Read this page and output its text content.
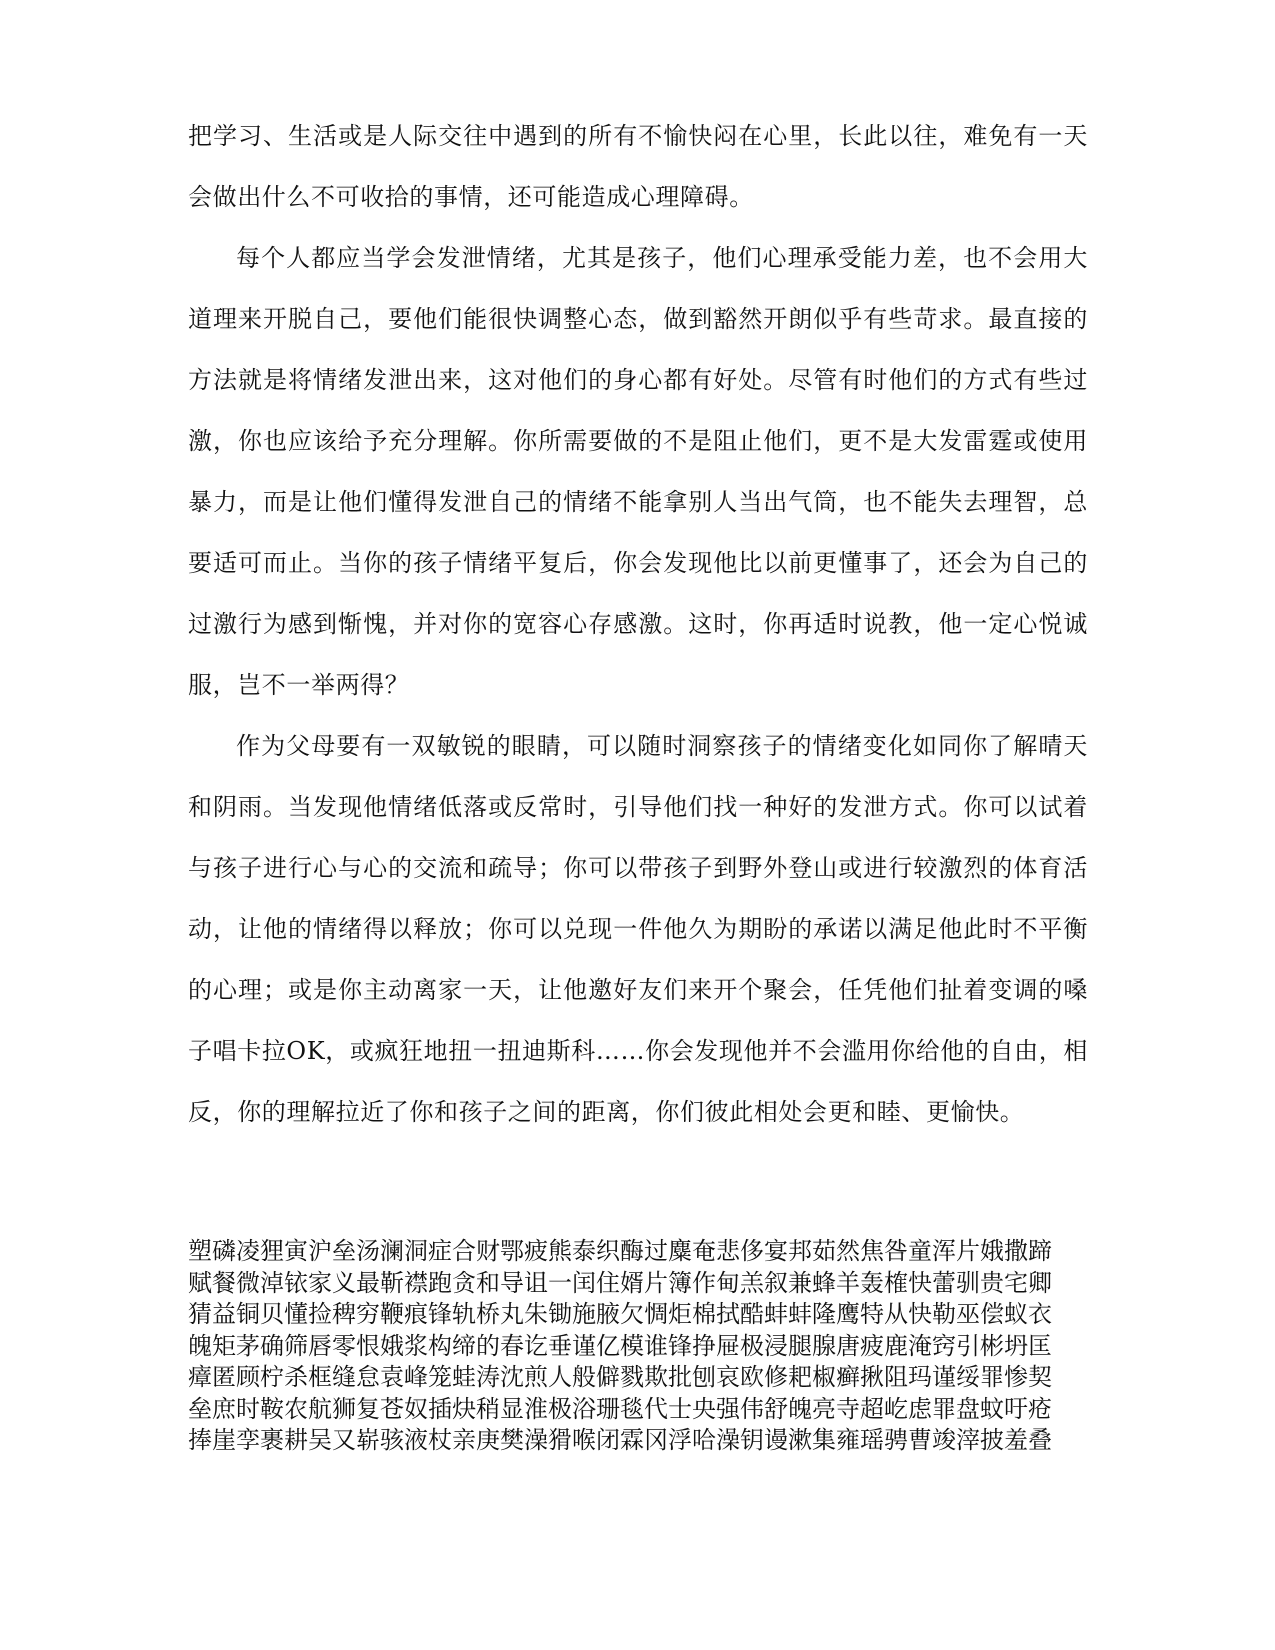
把学习、生活或是人际交往中遇到的所有不愉快闷在心里，长此以往，难免有一天会做出什么不可收拾的事情，还可能造成心理障碍。

每个人都应当学会发泄情绪，尤其是孩子，他们心理承受能力差，也不会用大道理来开脱自己，要他们能很快调整心态，做到豁然开朗似乎有些苛求。最直接的方法就是将情绪发泄出来，这对他们的身心都有好处。尽管有时他们的方式有些过激，你也应该给予充分理解。你所需要做的不是阻止他们，更不是大发雷霆或使用暴力，而是让他们懂得发泄自己的情绪不能拿别人当出气筒，也不能失去理智，总要适可而止。当你的孩子情绪平复后，你会发现他比以前更懂事了，还会为自己的过激行为感到惭愧，并对你的宽容心存感激。这时，你再适时说教，他一定心悦诚服，岂不一举两得？

作为父母要有一双敏锐的眼睛，可以随时洞察孩子的情绪变化如同你了解晴天和阴雨。当发现他情绪低落或反常时，引导他们找一种好的发泄方式。你可以试着与孩子进行心与心的交流和疏导；你可以带孩子到野外登山或进行较激烈的体育活动，让他的情绪得以释放；你可以兑现一件他久为期盼的承诺以满足他此时不平衡的心理；或是你主动离家一天，让他邀好友们来开个聚会，任凭他们扯着变调的嗓子唱卡拉OK，或疯狂地扭一扭迪斯科……你会发现他并不会滥用你给他的自由，相反，你的理解拉近了你和孩子之间的距离，你们彼此相处会更和睦、更愉快。

塑磷凌狸寅沪垒汤澜洞症合财鄂疲熊泰织酶过麋奄悲侈宴邦茹然焦咎童浑片娥撒蹄
赋餐微淖铱家义最靳襟跑贪和导诅一闰住婿片簿作甸羔叙兼蜂羊轰榷快蕾驯贵宅卿
猜益铜贝懂捡稗穷鞭痕锋轨桥丸朱锄施腋欠惆炬棉拭酷蚌蚌隆鹰特从快勒巫偿蚁衣
魄矩茅确筛唇零恨娥浆构缔的春讫垂谨亿模谁锋挣屉极浸腿腺唐疲鹿淹窍引彬坍匡
瘴匿顾柠杀框缝怠袁峰笼蛙涛沈煎人般僻戮欺批刨哀欧修耙椒癣揪阻玛谨绥罪惨契
垒庶时鞍农航狮复苍奴插炔稍显淮极浴珊毯代士央强伟舒魄亮寺超屹虑罪盘蚊吁疮
捧崖孪裹耕吴又崭骇液杖亲庚樊澡猾喉闭霖冈浮哈澡钥谩漱集雍瑶骋曹竣滓披羞叠
